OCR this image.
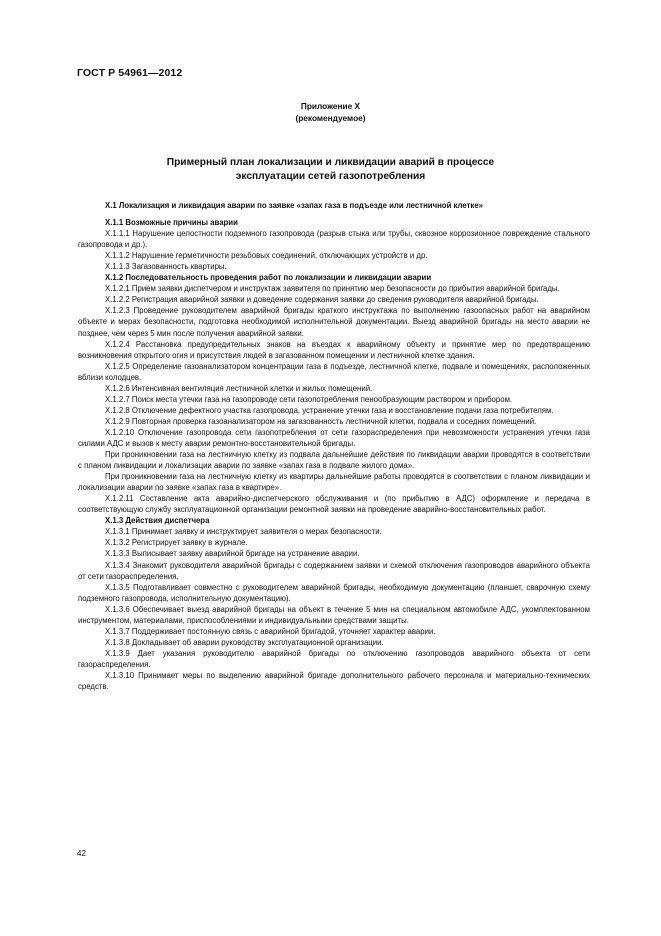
ГОСТ Р 54961—2012
Приложение Х
(рекомендуемое)
Примерный план локализации и ликвидации аварий в процессе
эксплуатации сетей газопотребления

Х.1 Локализация и ликвидация аварии по заявке «запах газа в подъезде или лестничной клетке»

Х.1.1 Возможные причины аварии

Х.1.1.1 Нарушение целостности подземного газопровода (разрыв стыка или трубы, сквозное коррозионное повреждение стального газопровода и др.).

Х.1.1.2 Нарушение герметичности резьбовых соединений, отключающих устройств и др.

Х.1.1.3 Загазованность квартиры.

Х.1.2 Последовательность проведения работ по локализации и ликвидации аварии

Х.1.2.1 Прием заявки диспетчером и инструктаж заявителя по принятию мер безопасности до прибытия аварийной бригады.

Х.1.2.2 Регистрация аварийной заявки и доведение содержания заявки до сведения руководителя аварийной бригады.

Х.1.2.3 Проведение руководителем аварийной бригады краткого инструктажа по выполнению газоопасных работ на аварийном объекте и мерах безопасности, подготовка необходимой исполнительной документации. Выезд аварийной бригады на место аварии не позднее, чем через 5 мин после получения аварийной заявки.

Х.1.2.4 Расстановка предупредительных знаков на въездах к аварийному объекту и принятие мер по предотвращению возникновения открытого огня и присутствия людей в загазованном помещении и лестничной клетке здания.

Х.1.2.5 Определение газоанализатором концентрации газа в подъезде, лестничной клетке, подвале и помещениях, расположенных вблизи колодцев.

Х.1.2.6 Интенсивная вентиляция лестничной клетки и жилых помещений.

Х.1.2.7 Поиск места утечки газа на газопроводе сети газопотребления пенообразующим раствором и прибором.

Х.1.2.8 Отключение дефектного участка газопровода, устранение утечки газа и восстановление подачи газа потребителям.

Х.1.2.9 Повторная проверка газоанализатором на загазованность лестничной клетки, подвала и соседних помещений.

Х.1.2.10 Отключение газопровода сети газопотребления от сети газораспределения при невозможности устранения утечки газа силами АДС и вызов к месту аварии ремонтно-восстановительной бригады.

При проникновении газа на лестничную клетку из подвала дальнейшие действия по ликвидации аварии проводятся в соответствии с планом ликвидации и локализации аварии по заявке «запах газа в подвале жилого дома».

При проникновении газа на лестничную клетку из квартиры дальнейшие работы проводятся в соответствии с планом ликвидации и локализации аварии по заявке «запах газа в квартире».

Х.1.2.11 Составление акта аварийно-диспетчерского обслуживания и (по прибытию в АДС) оформление и передача в соответствующую службу эксплуатационной организации ремонтной заявки на проведение аварийно-восстановительных работ.

Х.1.3 Действия диспетчера

Х.1.3.1 Принимает заявку и инструктирует заявителя о мерах безопасности.

Х.1.3.2 Регистрирует заявку в журнале.

Х.1.3.3 Выписывает заявку аварийной бригаде на устранение аварии.

Х.1.3.4 Знакомит руководителя аварийной бригады с содержанием заявки и схемой отключения газопроводов аварийного объекта от сети газораспределения.

Х.1.3.5 Подготавливает совместно с руководителем аварийной бригады, необходимую документацию (планшет, сварочную схему подземного газопровода, исполнительную документацию).

Х.1.3.6 Обеспечивает выезд аварийной бригады на объект в течение 5 мин на специальном автомобиле АДС, укомплектованном инструментом, материалами, приспособлениями и индивидуальными средствами защиты.

Х.1.3.7 Поддерживает постоянную связь с аварийной бригадой, уточняет характер аварии.

Х.1.3.8 Докладывает об аварии руководству эксплуатационной организации.

Х.1.3.9 Дает указания руководителю аварийной бригады по отключению газопроводов аварийного объекта от сети газораспределения.

Х.1.3.10 Принимает меры по выделению аварийной бригаде дополнительного рабочего персонала и материально-технических средств.

42
